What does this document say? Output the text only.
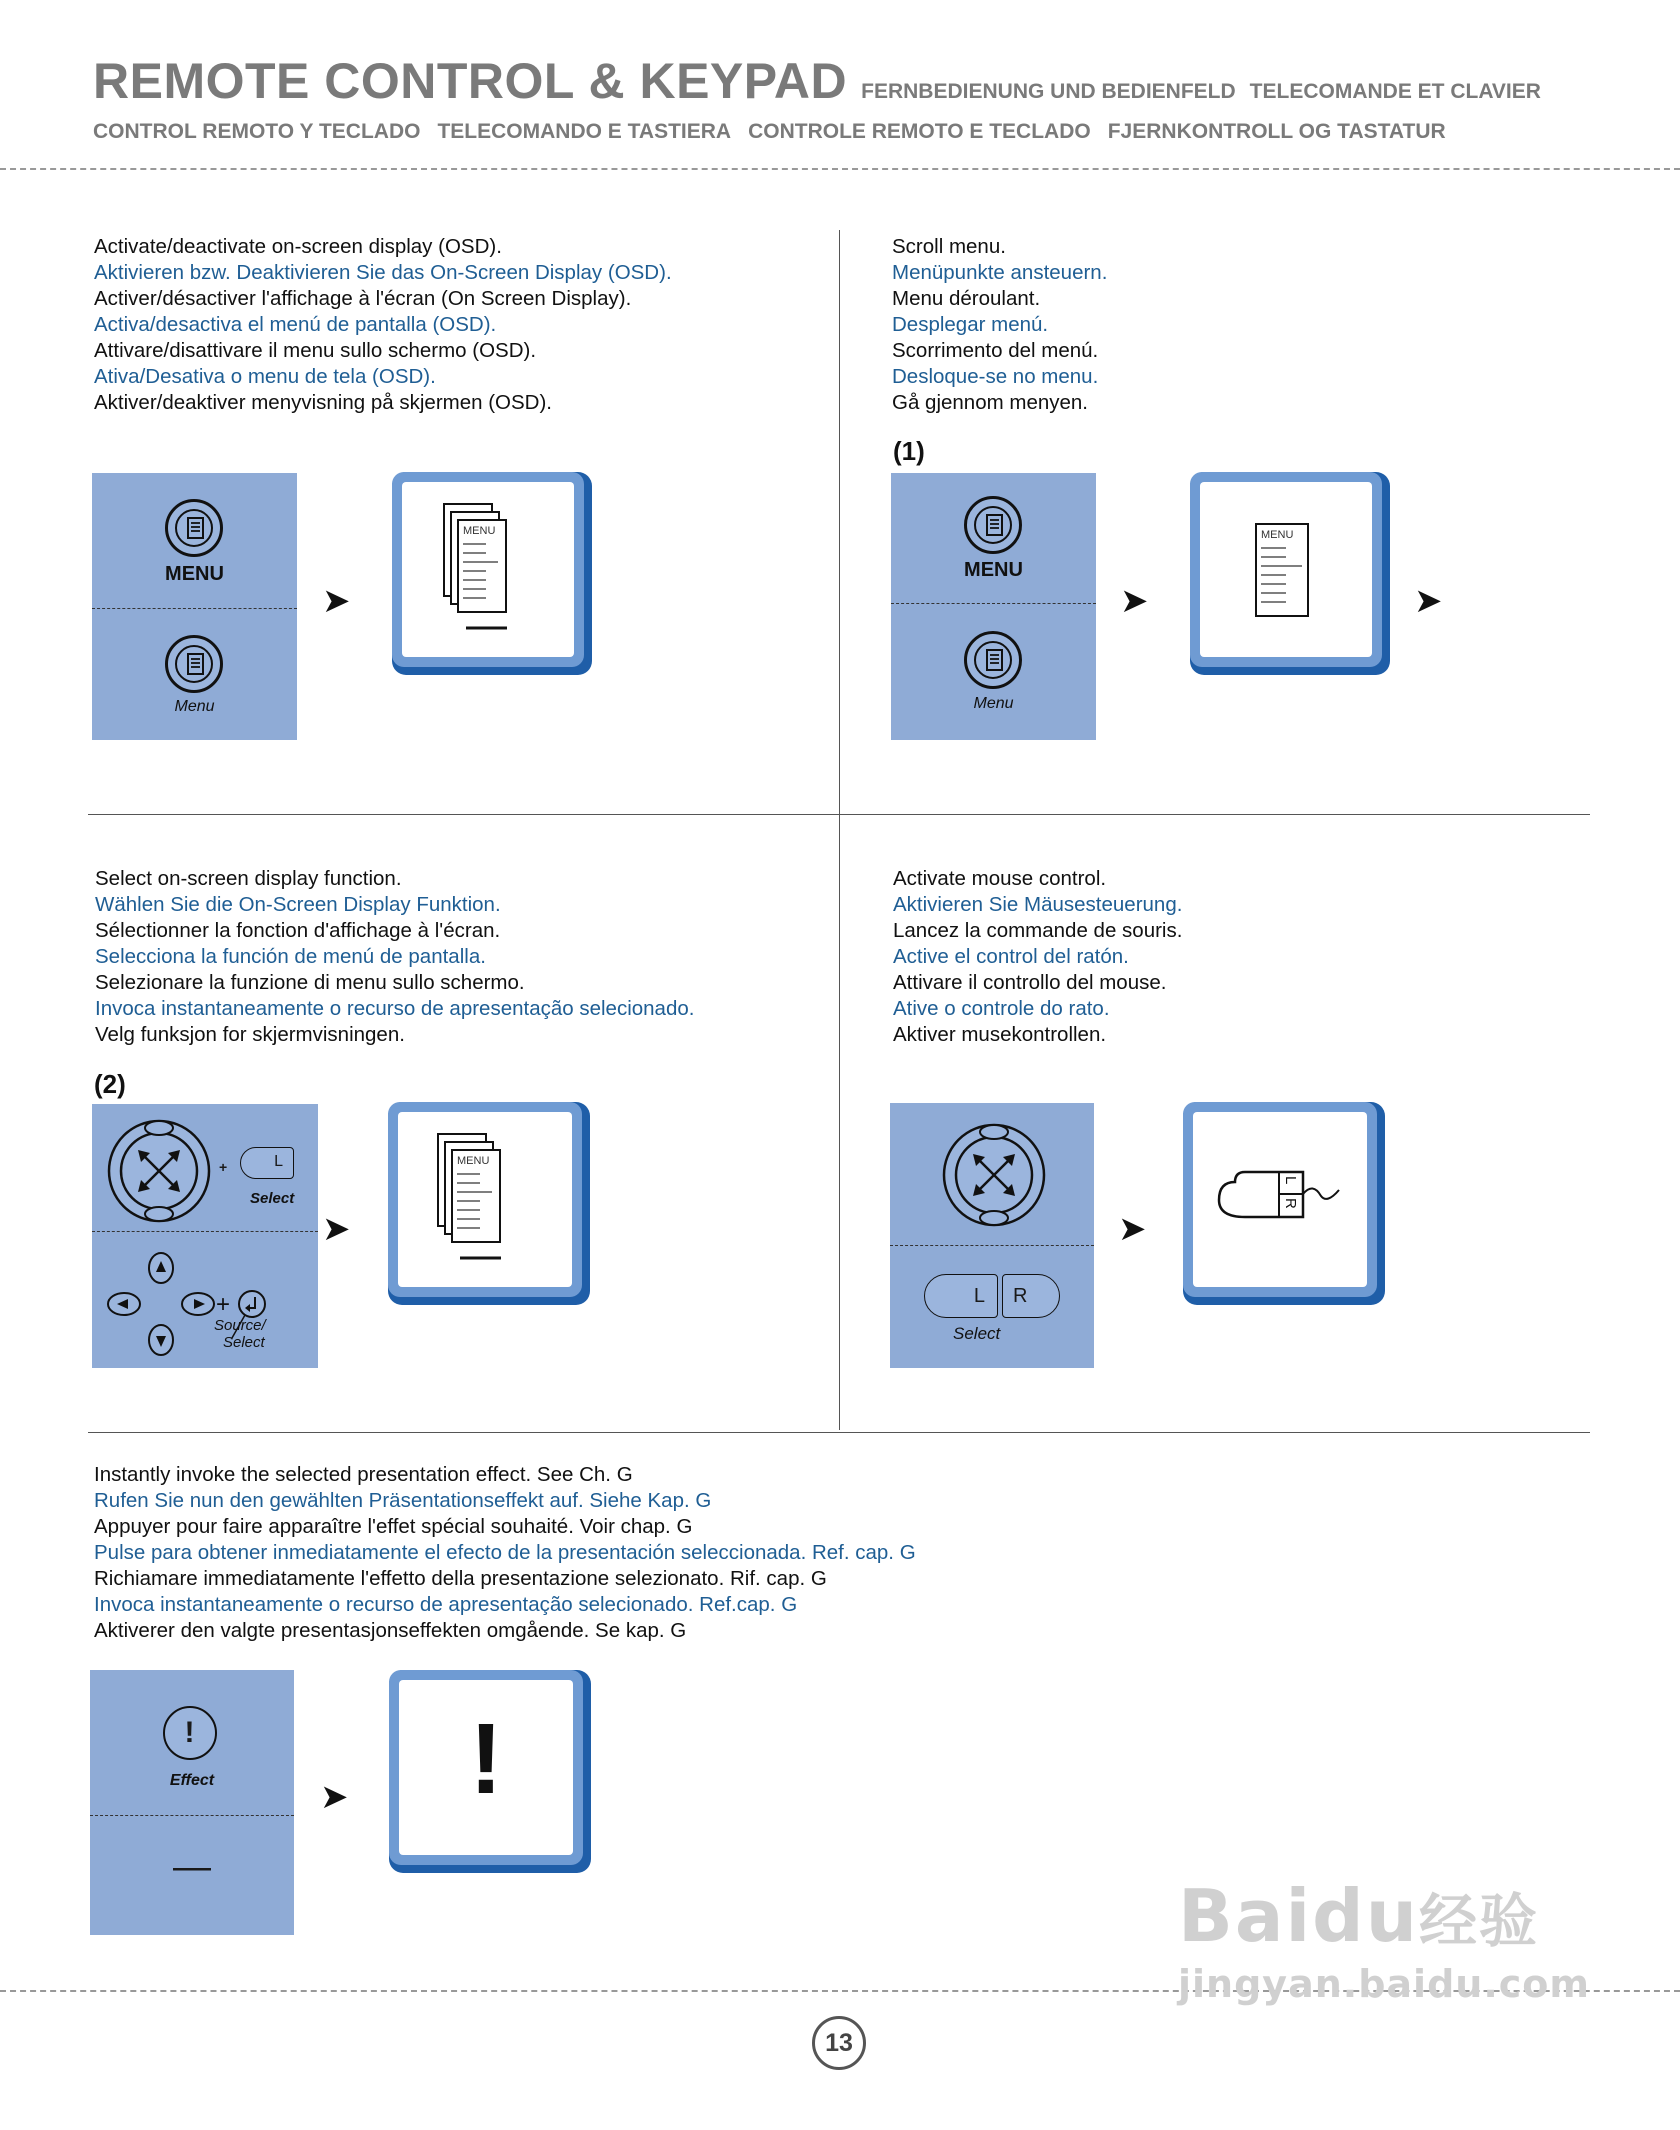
REMOTE CONTROL & KEYPAD FERNBEDIENUNG UND BEDIENFELD TELECOMANDE ET CLAVIER
CONTROL REMOTO Y TECLADO TELECOMANDO E TASTIERA CONTROLE REMOTO E TECLADO FJERNKONTROLL OG TASTATUR
Activate/deactivate on-screen display (OSD).
Aktivieren bzw. Deaktivieren Sie das On-Screen Display (OSD).
Activer/désactiver l'affichage à l'écran (On Screen Display).
Activa/desactiva el menú de pantalla (OSD).
Attivare/disattivare il menu sullo schermo (OSD).
Ativa/Desativa o menu de tela (OSD).
Aktiver/deaktiver menyvisning på skjermen (OSD).
MENU
Menu
➤
MENU
Scroll menu.
Menüpunkte ansteuern.
Menu déroulant.
Desplegar menú.
Scorrimento del menú.
Desloque-se no menu.
Gå gjennom menyen.
(1)
MENU
Menu
➤
MENU
➤
Select on-screen display function.
Wählen Sie die On-Screen Display Funktion.
Sélectionner la fonction d'affichage à l'écran.
Selecciona la función de menú de pantalla.
Selezionare la funzione di menu sullo schermo.
Invoca instantaneamente o recurso de apresentação selecionado.
Velg funksjon for skjermvisningen.
(2)
+	L
Select
+
Source/
Select
➤
MENU
Activate mouse control.
Aktivieren Sie Mäusesteuerung.
Lancez la commande de souris.
Active el control del ratón.
Attivare il controllo del mouse.
Ative o controle do rato.
Aktiver musekontrollen.
L R
Select
➤
L
R
Instantly invoke the selected presentation effect. See Ch. G
Rufen Sie nun den gewählten Präsentationseffekt auf. Siehe Kap. G
Appuyer pour faire apparaître l'effet spécial souhaité. Voir chap. G
Pulse para obtener inmediatamente el efecto de la presentación seleccionada. Ref. cap. G
Richiamare immediatamente l'effetto della presentazione selezionato. Rif. cap. G
Invoca instantaneamente o recurso de apresentação selecionado. Ref.cap. G
Aktiverer den valgte presentasjonseffekten omgående. Se kap. G
!
Effect
—
➤	!
13
Baidu经验
jingyan.baidu.com
